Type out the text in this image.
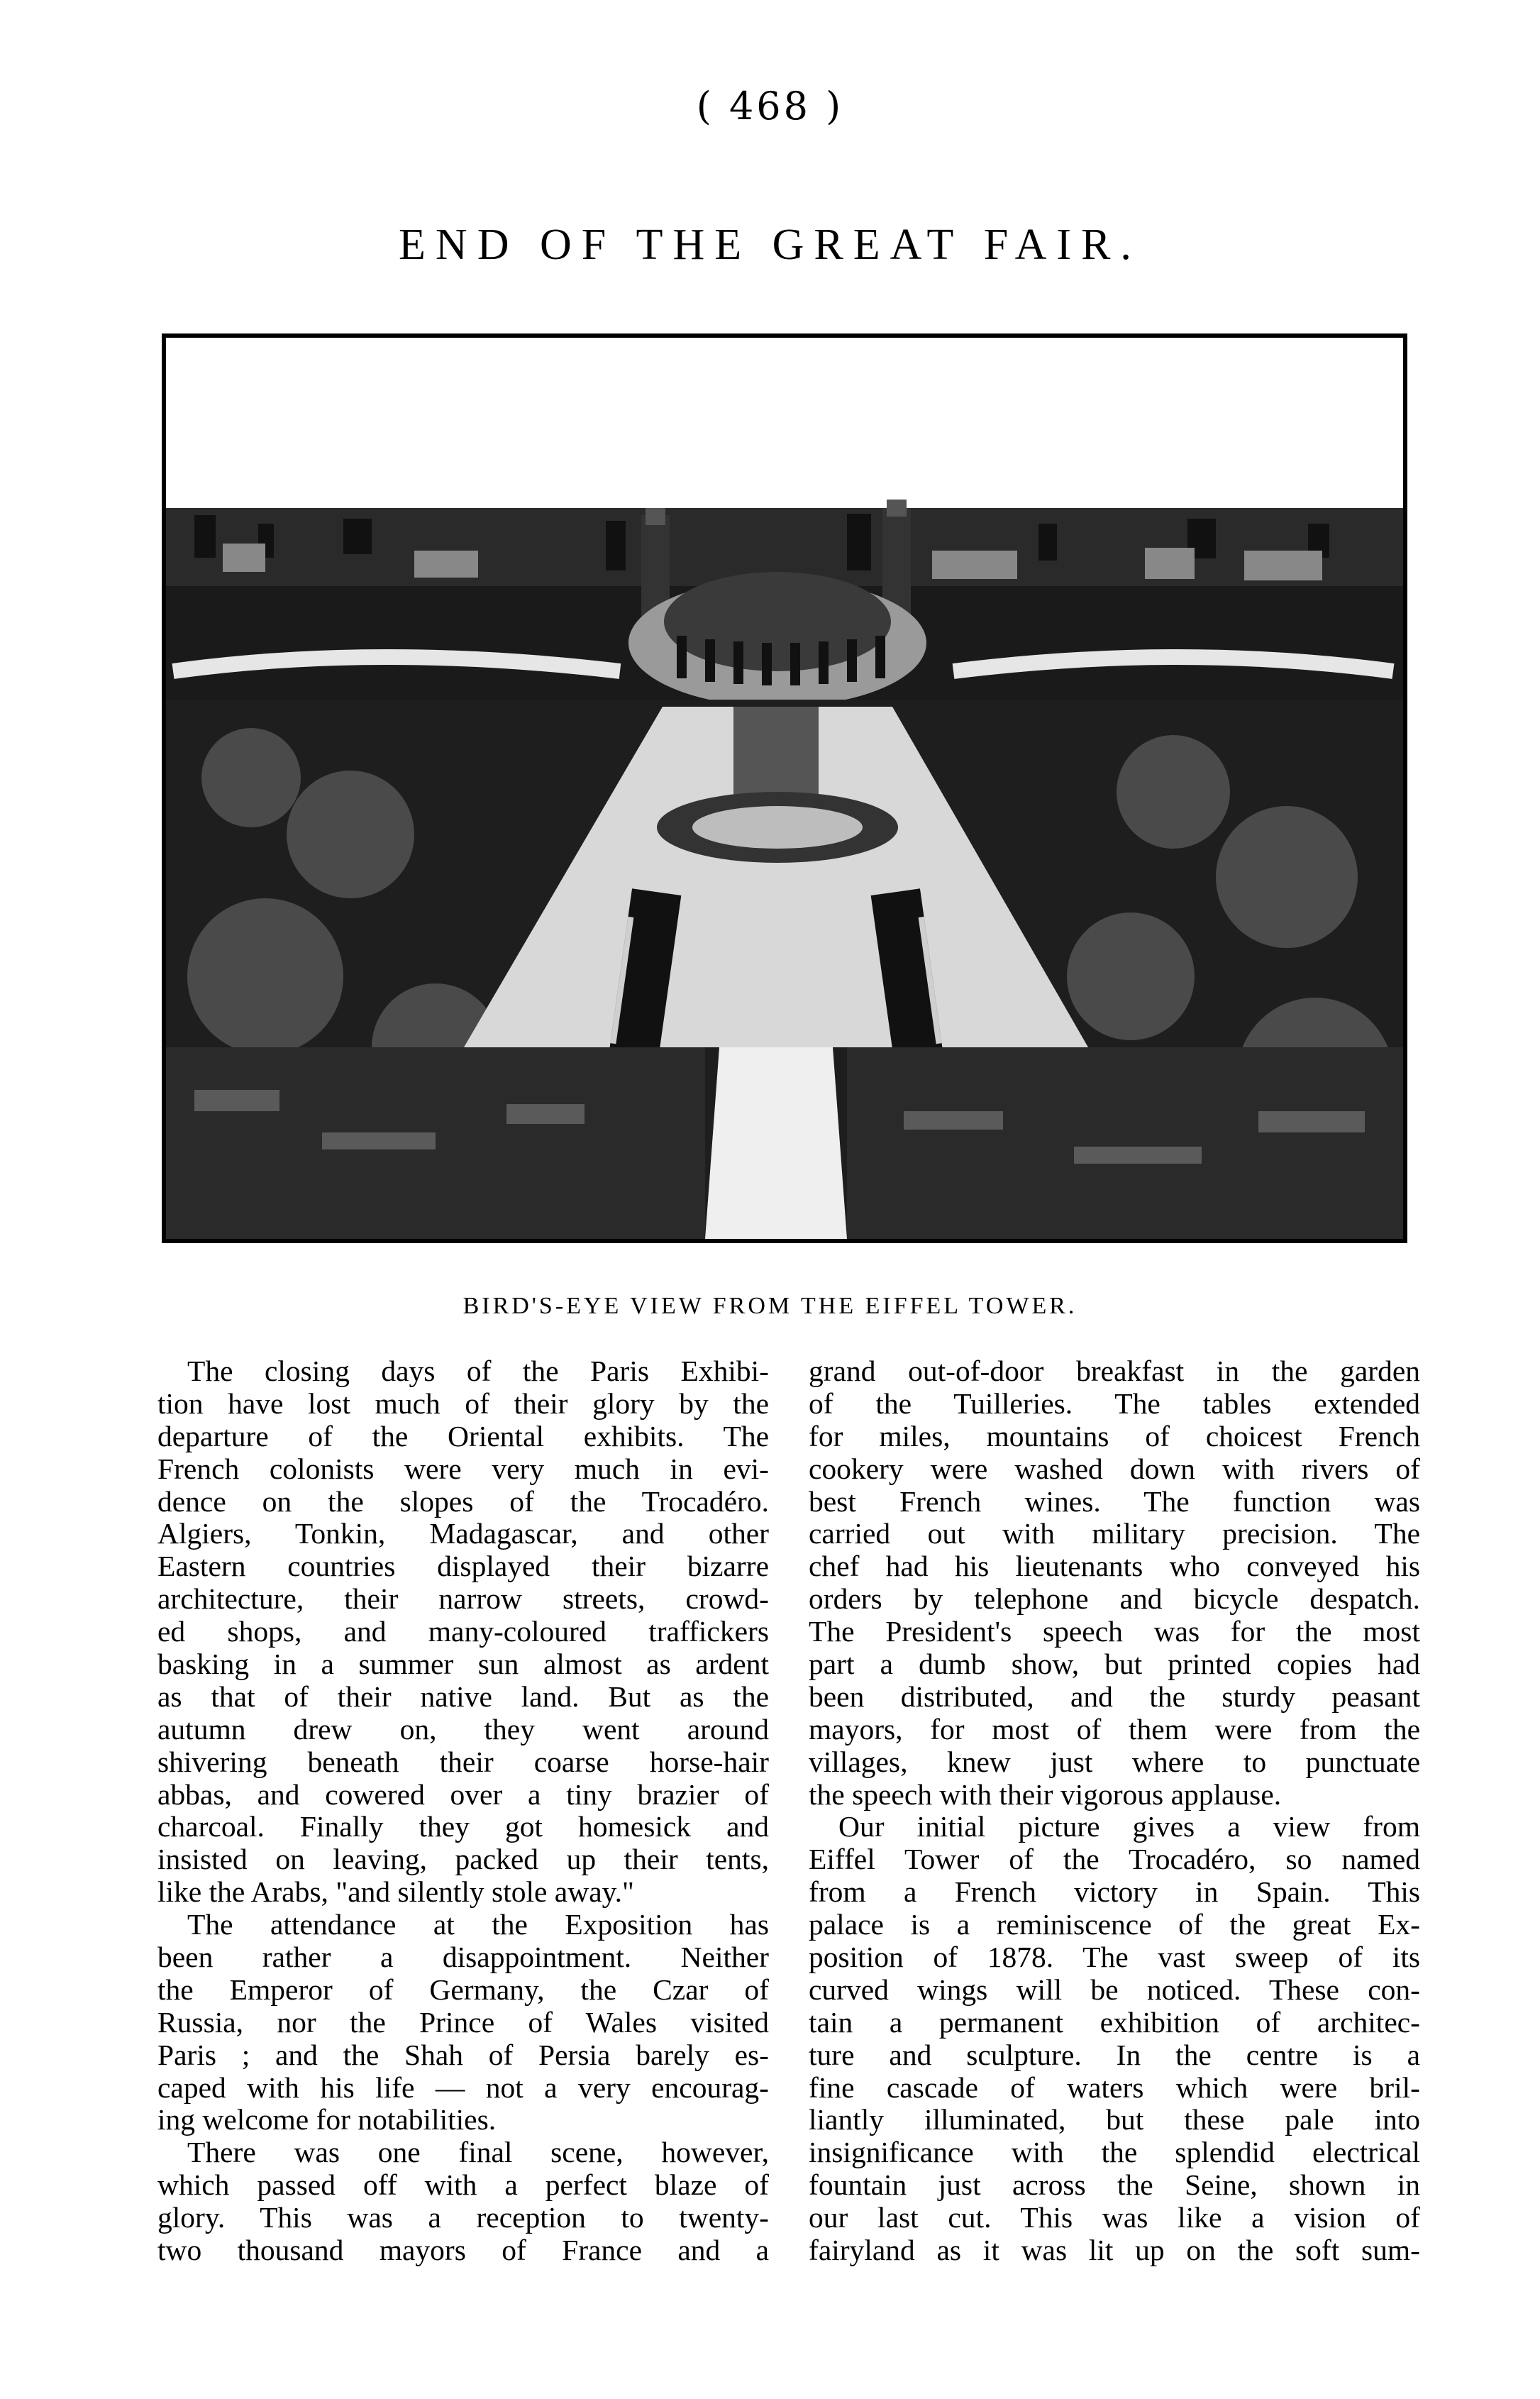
( 468 )
END OF THE GREAT FAIR.
BIRD'S-EYE VIEW FROM THE EIFFEL TOWER.
The closing days of the Paris Exhibi-
tion have lost much of their glory by the
departure of the Oriental exhibits. The
French colonists were very much in evi-
dence on the slopes of the Trocadéro.
Algiers, Tonkin, Madagascar, and other
Eastern countries displayed their bizarre
architecture, their narrow streets, crowd-
ed shops, and many-coloured traffickers
basking in a summer sun almost as ardent
as that of their native land. But as the
autumn drew on, they went around
shivering beneath their coarse horse-hair
abbas, and cowered over a tiny brazier of
charcoal. Finally they got homesick and
insisted on leaving, packed up their tents,
like the Arabs, "and silently stole away."
The attendance at the Exposition has
been rather a disappointment. Neither
the Emperor of Germany, the Czar of
Russia, nor the Prince of Wales visited
Paris ; and the Shah of Persia barely es-
caped with his life — not a very encourag-
ing welcome for notabilities.
There was one final scene, however,
which passed off with a perfect blaze of
glory. This was a reception to twenty-
two thousand mayors of France and a
grand out-of-door breakfast in the garden
of the Tuilleries. The tables extended
for miles, mountains of choicest French
cookery were washed down with rivers of
best French wines. The function was
carried out with military precision. The
chef had his lieutenants who conveyed his
orders by telephone and bicycle despatch.
The President's speech was for the most
part a dumb show, but printed copies had
been distributed, and the sturdy peasant
mayors, for most of them were from the
villages, knew just where to punctuate
the speech with their vigorous applause.
Our initial picture gives a view from
Eiffel Tower of the Trocadéro, so named
from a French victory in Spain. This
palace is a reminiscence of the great Ex-
position of 1878. The vast sweep of its
curved wings will be noticed. These con-
tain a permanent exhibition of architec-
ture and sculpture. In the centre is a
fine cascade of waters which were bril-
liantly illuminated, but these pale into
insignificance with the splendid electrical
fountain just across the Seine, shown in
our last cut. This was like a vision of
fairyland as it was lit up on the soft sum-
